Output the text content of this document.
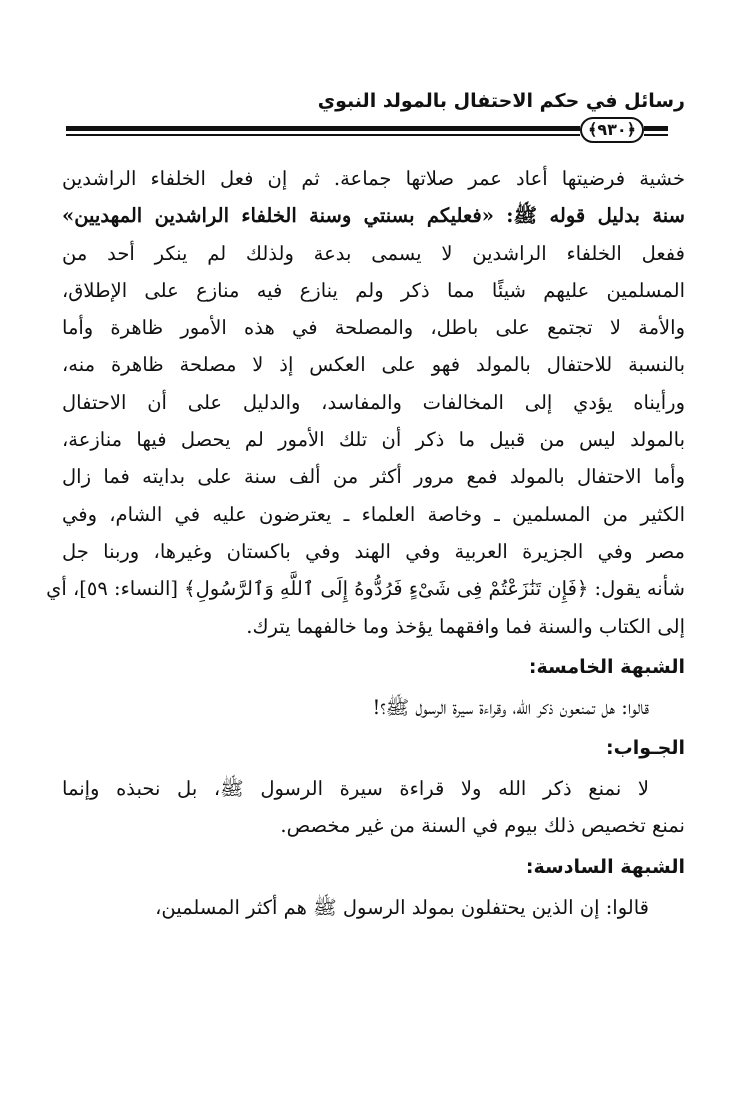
رسائل في حكم الاحتفال بالمولد النبوي
﴿٩٣٠﴾
خشية فرضيتها أعاد عمر صلاتها جماعة. ثم إن فعل الخلفاء الراشدين
سنة بدليل قوله ﷺ: «فعليكم بسنتي وسنة الخلفاء الراشدين المهديين»
ففعل الخلفاء الراشدين لا يسمى بدعة ولذلك لم ينكر أحد من
المسلمين عليهم شيئًا مما ذكر ولم ينازع فيه منازع على الإطلاق،
والأمة لا تجتمع على باطل، والمصلحة في هذه الأمور ظاهرة وأما
بالنسبة للاحتفال بالمولد فهو على العكس إذ لا مصلحة ظاهرة منه،
ورأيناه يؤدي إلى المخالفات والمفاسد، والدليل على أن الاحتفال
بالمولد ليس من قبيل ما ذكر أن تلك الأمور لم يحصل فيها منازعة،
وأما الاحتفال بالمولد فمع مرور أكثر من ألف سنة على بدايته فما زال
الكثير من المسلمين ـ وخاصة العلماء ـ يعترضون عليه في الشام، وفي
مصر وفي الجزيرة العربية وفي الهند وفي باكستان وغيرها، وربنا جل
شأنه يقول: ﴿فَإِن تَنَٰزَعْتُمْ فِى شَىْءٍ فَرُدُّوهُ إِلَى ٱللَّهِ وَٱلرَّسُولِ﴾ [النساء: ٥٩]، أي
إلى الكتاب والسنة فما وافقهما يؤخذ وما خالفهما يترك.
الشبهة الخامسة:
قالوا: هل تمنعون ذكر الله، وقراءة سيرة الرسول ﷺ؟!
الجـواب:
لا نمنع ذكر الله ولا قراءة سيرة الرسول ﷺ، بل نحبذه وإنما
نمنع تخصيص ذلك بيوم في السنة من غير مخصص.
الشبهة السادسة:
قالوا: إن الذين يحتفلون بمولد الرسول ﷺ هم أكثر المسلمين،
